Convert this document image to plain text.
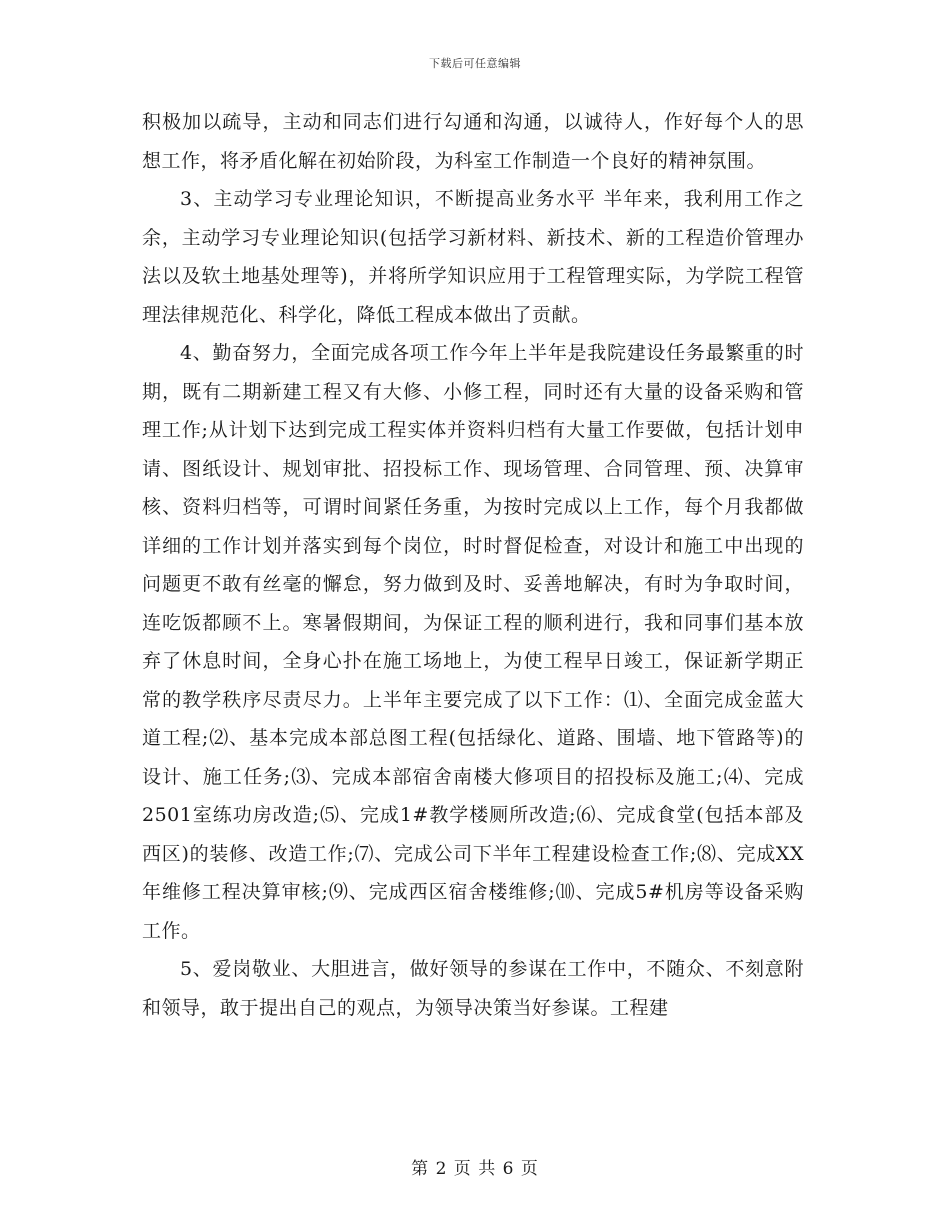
下载后可任意编辑

积极加以疏导，主动和同志们进行勾通和沟通，以诚待人，作好每个人的思想工作，将矛盾化解在初始阶段，为科室工作制造一个良好的精神氛围。

3、主动学习专业理论知识，不断提高业务水平 半年来，我利用工作之余，主动学习专业理论知识(包括学习新材料、新技术、新的工程造价管理办法以及软土地基处理等)，并将所学知识应用于工程管理实际，为学院工程管理法律规范化、科学化，降低工程成本做出了贡献。

4、勤奋努力，全面完成各项工作今年上半年是我院建设任务最繁重的时期，既有二期新建工程又有大修、小修工程，同时还有大量的设备采购和管理工作;从计划下达到完成工程实体并资料归档有大量工作要做，包括计划申请、图纸设计、规划审批、招投标工作、现场管理、合同管理、预、决算审核、资料归档等，可谓时间紧任务重，为按时完成以上工作，每个月我都做详细的工作计划并落实到每个岗位，时时督促检查，对设计和施工中出现的问题更不敢有丝毫的懈怠，努力做到及时、妥善地解决，有时为争取时间，连吃饭都顾不上。寒暑假期间，为保证工程的顺利进行，我和同事们基本放弃了休息时间，全身心扑在施工场地上，为使工程早日竣工，保证新学期正常的教学秩序尽责尽力。上半年主要完成了以下工作：⑴、全面完成金蓝大道工程;⑵、基本完成本部总图工程(包括绿化、道路、围墙、地下管路等)的设计、施工任务;⑶、完成本部宿舍南楼大修项目的招投标及施工;⑷、完成2501室练功房改造;⑸、完成1#教学楼厕所改造;⑹、完成食堂(包括本部及西区)的装修、改造工作;⑺、完成公司下半年工程建设检查工作;⑻、完成XX年维修工程决算审核;⑼、完成西区宿舍楼维修;⑽、完成5#机房等设备采购工作。

5、爱岗敬业、大胆进言，做好领导的参谋在工作中，不随众、不刻意附和领导，敢于提出自己的观点，为领导决策当好参谋。工程建

第 2 页 共 6 页
